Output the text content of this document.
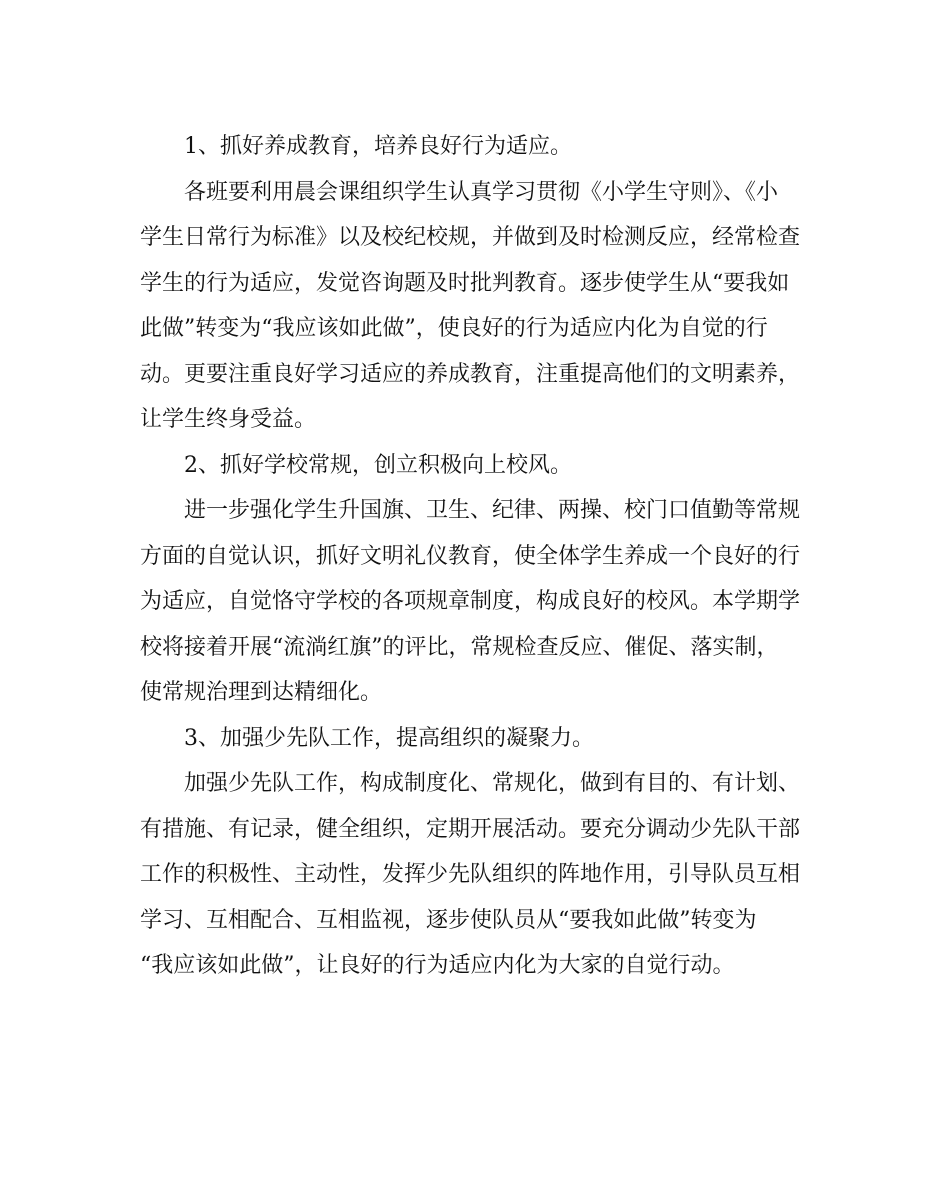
1、抓好养成教育，培养良好行为适应。
各班要利用晨会课组织学生认真学习贯彻《小学生守则》、《小
学生日常行为标准》以及校纪校规，并做到及时检测反应，经常检查
学生的行为适应，发觉咨询题及时批判教育。逐步使学生从“要我如
此做”转变为“我应该如此做”，使良好的行为适应内化为自觉的行
动。更要注重良好学习适应的养成教育，注重提高他们的文明素养，
让学生终身受益。
2、抓好学校常规，创立积极向上校风。
进一步强化学生升国旗、卫生、纪律、两操、校门口值勤等常规
方面的自觉认识，抓好文明礼仪教育，使全体学生养成一个良好的行
为适应，自觉恪守学校的各项规章制度，构成良好的校风。本学期学
校将接着开展“流淌红旗”的评比，常规检查反应、催促、落实制，
使常规治理到达精细化。
3、加强少先队工作，提高组织的凝聚力。
加强少先队工作，构成制度化、常规化，做到有目的、有计划、
有措施、有记录，健全组织，定期开展活动。要充分调动少先队干部
工作的积极性、主动性，发挥少先队组织的阵地作用，引导队员互相
学习、互相配合、互相监视，逐步使队员从“要我如此做”转变为
“我应该如此做”，让良好的行为适应内化为大家的自觉行动。
